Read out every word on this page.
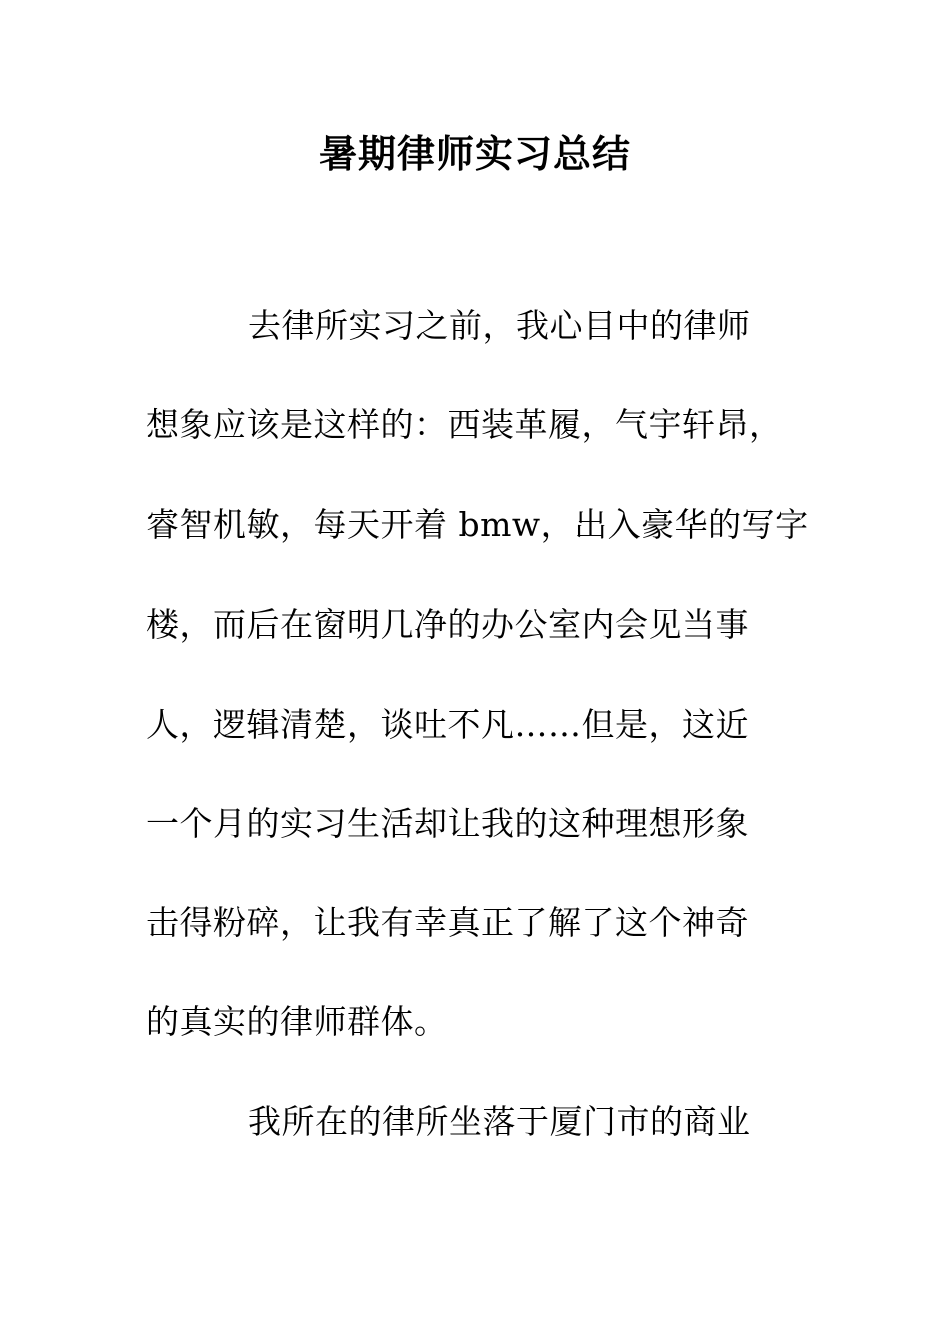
暑期律师实习总结
去律所实习之前，我心目中的律师
想象应该是这样的：西装革履，气宇轩昂，
睿智机敏，每天开着 bmw，出入豪华的写字
楼，而后在窗明几净的办公室内会见当事
人，逻辑清楚，谈吐不凡……但是，这近
一个月的实习生活却让我的这种理想形象
击得粉碎，让我有幸真正了解了这个神奇
的真实的律师群体。
我所在的律所坐落于厦门市的商业
